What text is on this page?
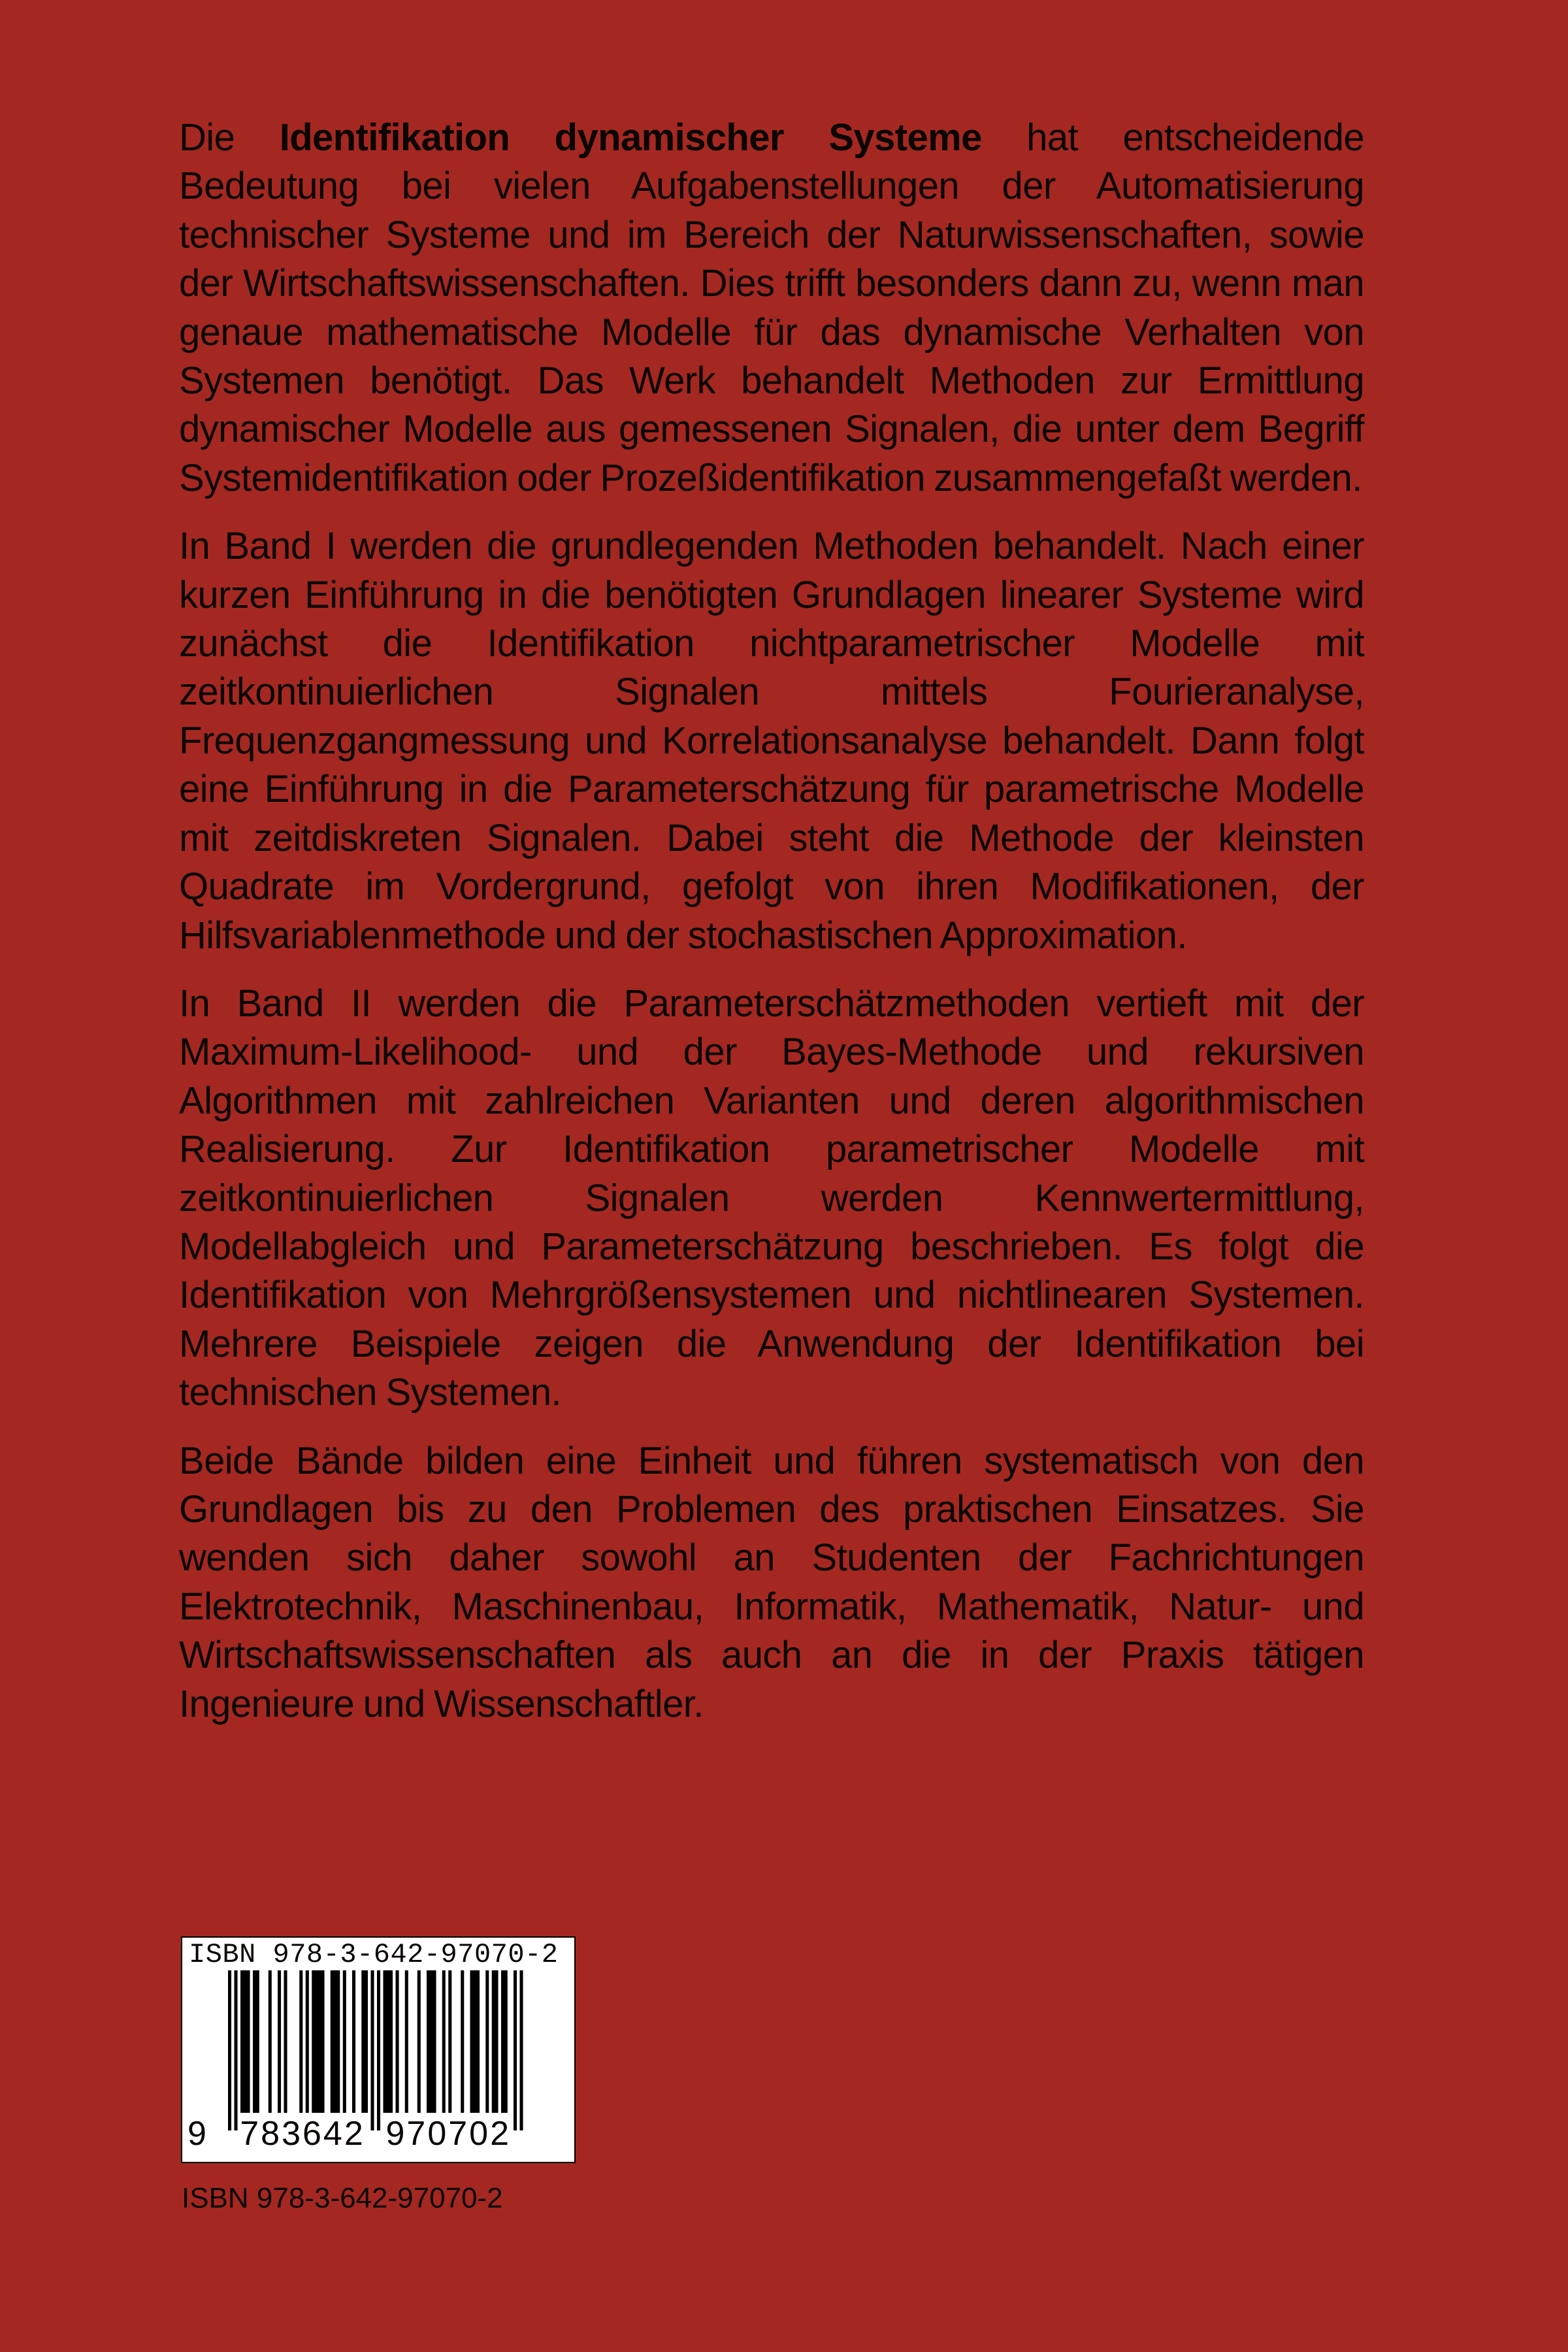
Die Identifikation dynamischer Systeme hat entscheidende Bedeutung bei vielen Aufgabenstellungen der Automatisierung technischer Systeme und im Bereich der Naturwissenschaften, sowie der Wirtschaftswissenschaften. Dies trifft besonders dann zu, wenn man genaue mathematische Modelle für das dynamische Verhalten von Systemen benötigt. Das Werk behandelt Methoden zur Ermittlung dynamischer Modelle aus gemessenen Signalen, die unter dem Begriff Systemidentifikation oder Prozeßidentifikation zusammengefaßt werden.

In Band I werden die grundlegenden Methoden behandelt. Nach einer kurzen Einführung in die benötigten Grundlagen linearer Systeme wird zunächst die Identifikation nichtparametrischer Modelle mit zeitkontinuierlichen Signalen mittels Fourieranalyse, Frequenzgangmessung und Korrelationsanalyse behandelt. Dann folgt eine Einführung in die Parameterschätzung für parametrische Modelle mit zeitdiskreten Signalen. Dabei steht die Methode der kleinsten Quadrate im Vordergrund, gefolgt von ihren Modifikationen, der Hilfsvariablenmethode und der stochastischen Approximation.

In Band II werden die Parameterschätzmethoden vertieft mit der Maximum-Likelihood- und der Bayes-Methode und rekursiven Algorithmen mit zahlreichen Varianten und deren algorithmischen Realisierung. Zur Identifikation parametrischer Modelle mit zeitkontinuierlichen Signalen werden Kennwertermittlung, Modellabgleich und Parameterschätzung beschrieben. Es folgt die Identifikation von Mehrgrößensystemen und nichtlinearen Systemen. Mehrere Beispiele zeigen die Anwendung der Identifikation bei technischen Systemen.

Beide Bände bilden eine Einheit und führen systematisch von den Grundlagen bis zu den Problemen des praktischen Einsatzes. Sie wenden sich daher sowohl an Studenten der Fachrichtungen Elektrotechnik, Maschinenbau, Informatik, Mathematik, Natur- und Wirtschaftswissenschaften als auch an die in der Praxis tätigen Ingenieure und Wissenschaftler.

ISBN 978-3-642-97070-2
9 783642 970702
ISBN 978-3-642-97070-2
